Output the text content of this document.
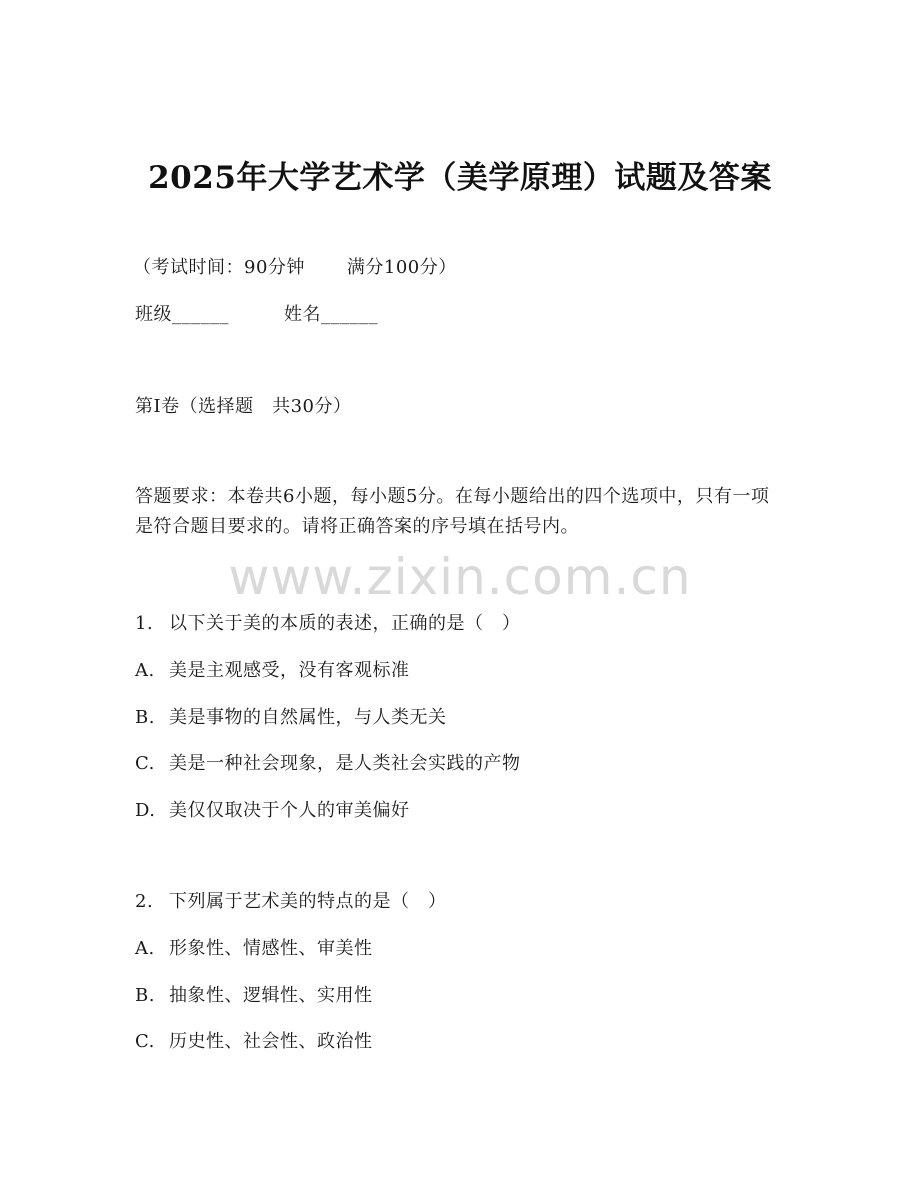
2025年大学艺术学（美学原理）试题及答案
（考试时间：90分钟 满分100分）
班级______	姓名______
第I卷（选择题　共30分）
答题要求：本卷共6小题，每小题5分。在每小题给出的四个选项中，只有一项是符合题目要求的。请将正确答案的序号填在括号内。
www.zixin.com.cn
1. 以下关于美的本质的表述，正确的是（　）
A. 美是主观感受，没有客观标准
B. 美是事物的自然属性，与人类无关
C. 美是一种社会现象，是人类社会实践的产物
D. 美仅仅取决于个人的审美偏好
2. 下列属于艺术美的特点的是（　）
A. 形象性、情感性、审美性
B. 抽象性、逻辑性、实用性
C. 历史性、社会性、政治性
